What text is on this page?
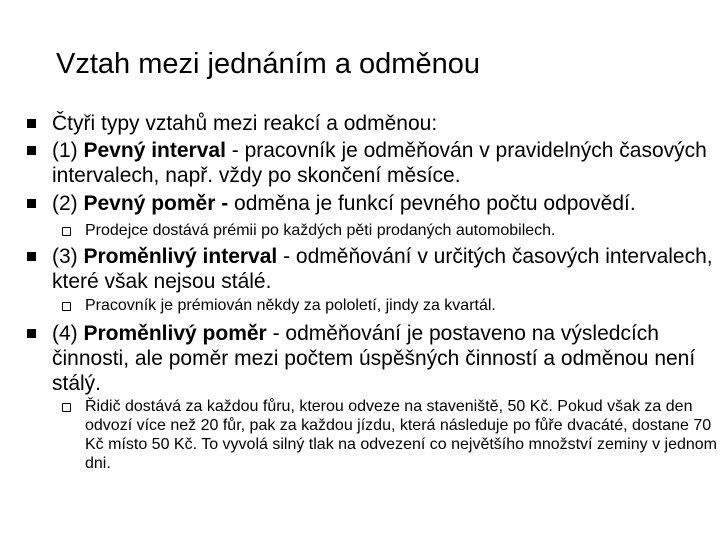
Vztah mezi jednáním a odměnou
Čtyři typy vztahů mezi reakcí a odměnou:
(1) Pevný interval - pracovník je odměňován v pravidelných časových intervalech, např. vždy po skončení měsíce.
(2) Pevný poměr - odměna je funkcí pevného počtu odpovědí.
Prodejce dostává prémii po každých pěti prodaných automobilech.
(3) Proměnlivý interval - odměňování v určitých časových intervalech, které však nejsou stálé.
Pracovník je prémiován někdy za pololetí, jindy za kvartál.
(4) Proměnlivý poměr - odměňování je postaveno na výsledcích činnosti, ale poměr mezi počtem úspěšných činností a odměnou není stálý.
Řidič dostává za každou fůru, kterou odveze na staveniště, 50 Kč. Pokud však za den odvozí více než 20 fůr, pak za každou jízdu, která následuje po fůře dvacáté, dostane 70 Kč místo 50 Kč. To vyvolá silný tlak na odvezení co největšího množství zeminy v jednom dni.
